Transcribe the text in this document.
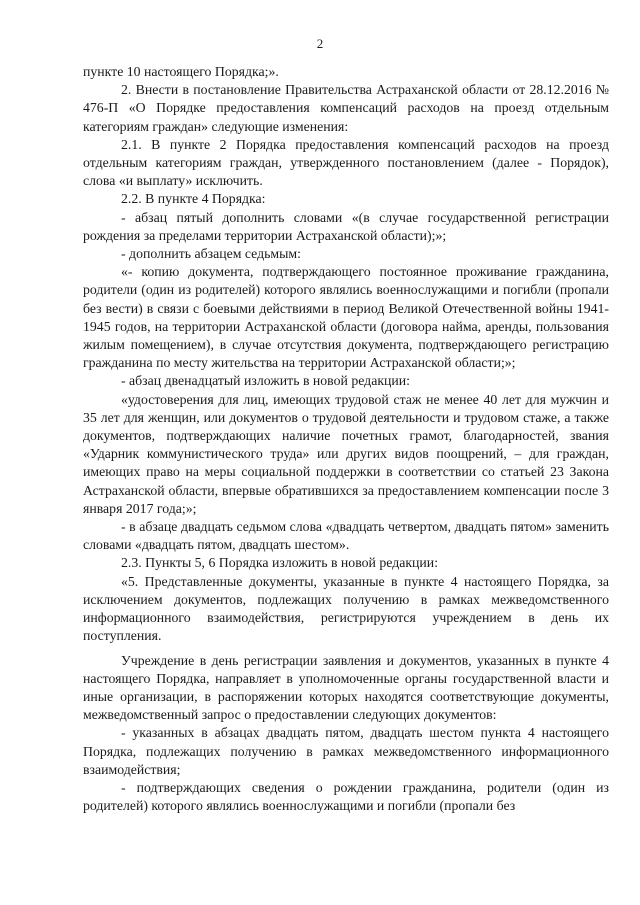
2

пункте 10 настоящего Порядка;».

2. Внести в постановление Правительства Астраханской области от 28.12.2016 № 476-П «О Порядке предоставления компенсаций расходов на проезд отдельным категориям граждан» следующие изменения:

2.1. В пункте 2 Порядка предоставления компенсаций расходов на проезд отдельным категориям граждан, утвержденного постановлением (далее - Порядок), слова «и выплату» исключить.

2.2. В пункте 4 Порядка:

- абзац пятый дополнить словами «(в случае государственной регистрации рождения за пределами территории Астраханской области);»;

- дополнить абзацем седьмым:

«- копию документа, подтверждающего постоянное проживание гражданина, родители (один из родителей) которого являлись военнослужащими и погибли (пропали без вести) в связи с боевыми действиями в период Великой Отечественной войны 1941-1945 годов, на территории Астраханской области (договора найма, аренды, пользования жилым помещением), в случае отсутствия документа, подтверждающего регистрацию гражданина по месту жительства на территории Астраханской области;»;

- абзац двенадцатый изложить в новой редакции:

«удостоверения для лиц, имеющих трудовой стаж не менее 40 лет для мужчин и 35 лет для женщин, или документов о трудовой деятельности и трудовом стаже, а также документов, подтверждающих наличие почетных грамот, благодарностей, звания «Ударник коммунистического труда» или других видов поощрений, – для граждан, имеющих право на меры социальной поддержки в соответствии со статьей 23 Закона Астраханской области, впервые обратившихся за предоставлением компенсации после 3 января 2017 года;»;

- в абзаце двадцать седьмом слова «двадцать четвертом, двадцать пятом» заменить словами «двадцать пятом, двадцать шестом».

2.3. Пункты 5, 6 Порядка изложить в новой редакции:

«5. Представленные документы, указанные в пункте 4 настоящего Порядка, за исключением документов, подлежащих получению в рамках межведомственного информационного взаимодействия, регистрируются учреждением в день их поступления.

Учреждение в день регистрации заявления и документов, указанных в пункте 4 настоящего Порядка, направляет в уполномоченные органы государственной власти и иные организации, в распоряжении которых находятся соответствующие документы, межведомственный запрос о предоставлении следующих документов:

- указанных в абзацах двадцать пятом, двадцать шестом пункта 4 настоящего Порядка, подлежащих получению в рамках межведомственного информационного взаимодействия;

- подтверждающих сведения о рождении гражданина, родители (один из родителей) которого являлись военнослужащими и погибли (пропали без
